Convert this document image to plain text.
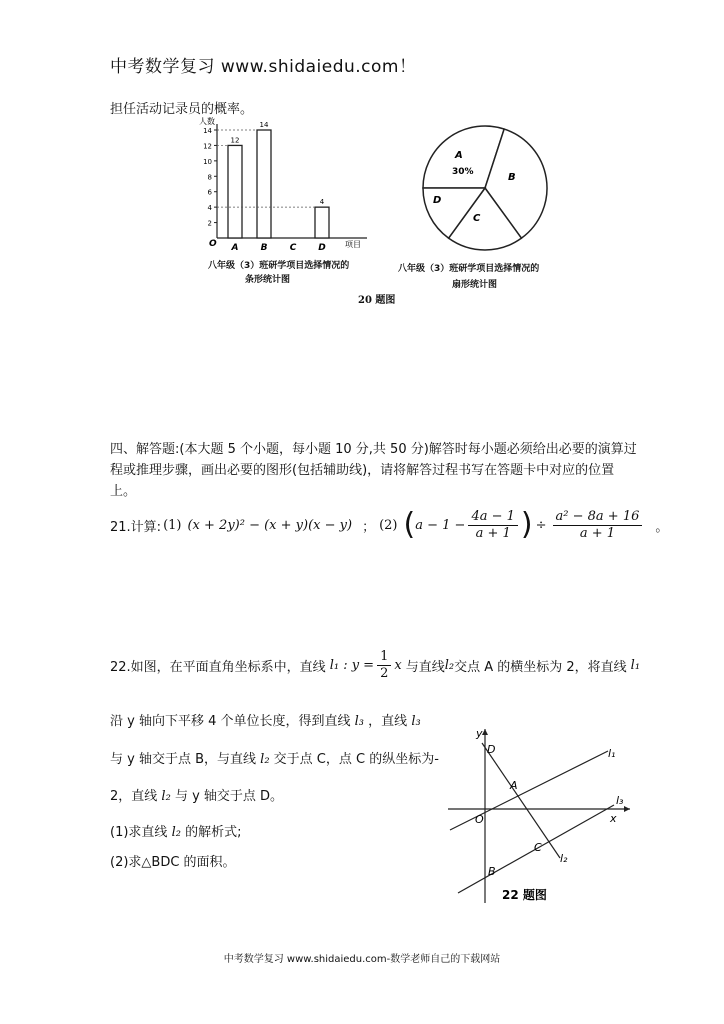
中考数学复习 www.shidaiedu.com！
担任活动记录员的概率。
2
4
6
8
10
12
14
12
A
14
B C
4
D
人数
O	项目
八年级（3）班研学项目选择情况的
条形统计图
A
30%	B
C
D
八年级（3）班研学项目选择情况的
扇形统计图
20 题图
四、解答题:(本大题 5 个小题，每小题 10 分,共 50 分)解答时每小题必须给出必要的演算过
程或推理步骤，画出必要的图形(包括辅助线)，请将解答过程书写在答题卡中对应的位置
上。
21.计算: (1) (x + 2y)² − (x + y)(x − y) ； (2) ( $a - 1 - \frac{4a - 1}{a + 1}$ ) ÷ $\frac{\text{a² − 8a + 16}}{a + 1}$ 。
22.如图，在平面直角坐标系中，直线 l₁ : $y = \frac{1}{2}$ x 与直线 l₂ 交点 A 的横坐标为 2，将直线 l₁
沿 y 轴向下平移 4 个单位长度，得到直线 l₃ ，直线 l₃
与 y 轴交于点 B，与直线 l₂ 交于点 C，点 C 的纵坐标为-
2，直线 l₂ 与 y 轴交于点 D。
(1)求直线 l₂ 的解析式;
(2)求△BDC 的面积。
y
x
O
A
B
C
D	l₁
l₂
l₃
22 题图
中考数学复习 www.shidaiedu.com-数学老师自己的下载网站
